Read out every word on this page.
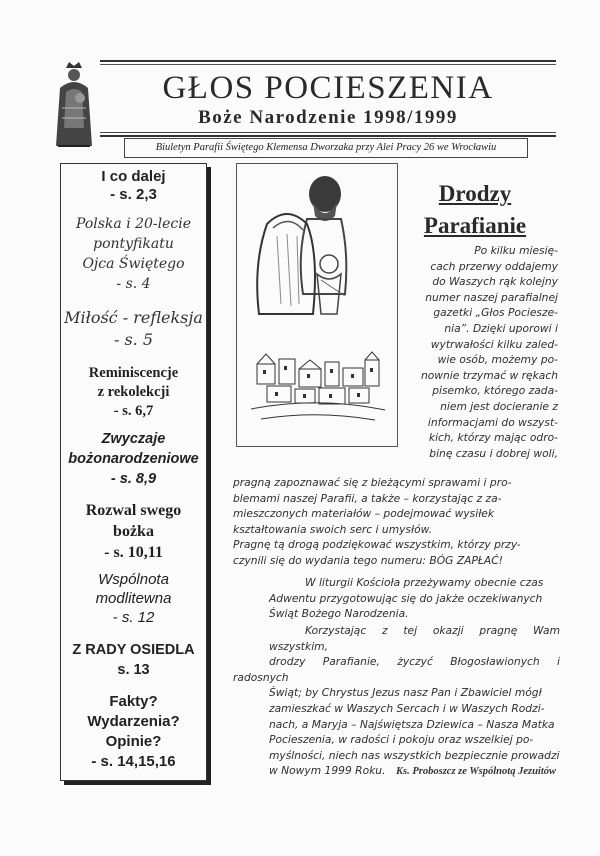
GŁOS POCIESZENIA
Boże Narodzenie 1998/1999
Biuletyn Parafii Świętego Klemensa Dworzaka przy Alei Pracy 26 we Wrocławiu
I co dalej
- s. 2,3
Polska i 20-lecie
pontyfikatu
Ojca Świętego
- s. 4
Miłość - refleksja
- s. 5
Reminiscencje
z rekolekcji
- s. 6,7
Zwyczaje
bożonarodzeniowe
- s. 8,9
Rozwal swego
bożka
- s. 10,11
Wspólnota
modlitewna
- s. 12
Z RADY OSIEDLA
s. 13
Fakty?
Wydarzenia?
Opinie?
- s. 14,15,16
Drodzy
Parafianie
Po kilku miesię-
cach przerwy oddajemy
do Waszych rąk kolejny
numer naszej parafialnej
gazetki „Głos Pociesze-
nia”. Dzięki uporowi i
wytrwałości kilku zaled-
wie osób, możemy po-
nownie trzymać w rękach
pisemko, którego zada-
niem jest docieranie z
informacjami do wszyst-
kich, którzy mając odro-
binę czasu i dobrej woli,
pragną zapoznawać się z bieżącymi sprawami i pro-
blemami naszej Parafii, a także – korzystając z za-
mieszczonych materiałów – podejmować wysiłek
kształtowania swoich serc i umysłów.
Pragnę tą drogą podziękować wszystkim, którzy przy-
czynili się do wydania tego numeru: BÓG ZAPŁAĆ!
W liturgii Kościoła przeżywamy obecnie czas
Adwentu przygotowując się do jakże oczekiwanych
Świąt Bożego Narodzenia.
Korzystając z tej okazji pragnę Wam wszystkim,
drodzy Parafianie, życzyć Błogosławionych i radosnych
Świąt; by Chrystus Jezus nasz Pan i Zbawiciel mógł
zamieszkać w Waszych Sercach i w Waszych Rodzi-
nach, a Maryja – Najświętsza Dziewica – Nasza Matka
Pocieszenia, w radości i pokoju oraz wszelkiej po-
myślności, niech nas wszystkich bezpiecznie prowadzi
w Nowym 1999 Roku.	Ks. Proboszcz ze Wspólnotą Jezuitów
